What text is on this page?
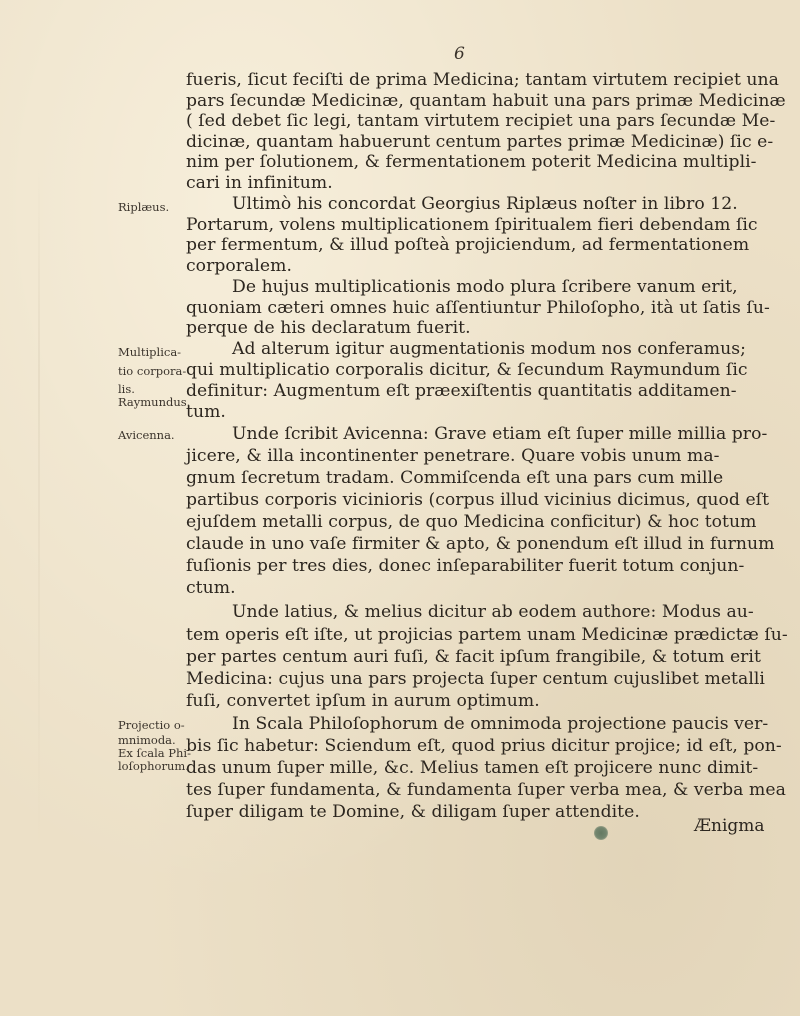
6
fueris, ſicut feciſti de prima Medicina; tantam virtutem recipiet una
pars ſecundæ Medicinæ, quantam habuit una pars primæ Medicinæ
( ſed debet ſic legi, tantam virtutem recipiet una pars ſecundæ Me-
dicinæ, quantam habuerunt centum partes primæ Medicinæ) ſic e-
nim per ſolutionem, & fermentationem poterit Medicina multipli-
cari in infinitum.
Ultimò his concordat Georgius Riplæus noſter in libro 12.
Portarum, volens multiplicationem ſpiritualem fieri debendam ſic
per fermentum, & illud poſteà projiciendum, ad fermentationem
corporalem.
De hujus multiplicationis modo plura ſcribere vanum erit,
quoniam cæteri omnes huic aſſentiuntur Philoſopho, ità ut ſatis ſu-
perque de his declaratum fuerit.
Ad alterum igitur augmentationis modum nos conferamus;
qui multiplicatio corporalis dicitur, & ſecundum Raymundum ſic
definitur: Augmentum eſt præexiſtentis quantitatis additamen-
tum.
Unde ſcribit Avicenna: Grave etiam eſt ſuper mille millia pro-
jicere, & illa incontinenter penetrare. Quare vobis unum ma-
gnum ſecretum tradam. Commiſcenda eſt una pars cum mille
partibus corporis vicinioris (corpus illud vicinius dicimus, quod eſt
ejuſdem metalli corpus, de quo Medicina conficitur) & hoc totum
claude in uno vaſe firmiter & apto, & ponendum eſt illud in furnum
fuſionis per tres dies, donec inſeparabiliter fuerit totum conjun-
ctum.
Unde latius, & melius dicitur ab eodem authore: Modus au-
tem operis eſt iſte, ut projicias partem unam Medicinæ prædictæ ſu-
per partes centum auri fuſi, & facit ipſum frangibile, & totum erit
Medicina: cujus una pars projecta ſuper centum cujuslibet metalli
fuſi, convertet ipſum in aurum optimum.
In Scala Philoſophorum de omnimoda projectione paucis ver-
bis ſic habetur: Sciendum eſt, quod prius dicitur projice; id eſt, pon-
das unum ſuper mille, &c. Melius tamen eſt projicere nunc dimit-
tes ſuper fundamenta, & fundamenta ſuper verba mea, & verba mea
ſuper diligam te Domine, & diligam ſuper attendite.
Riplæus.
Multiplica-
tio corpora-
lis.
Raymundus.
Avicenna.
Projectio o-
mnimoda.
Ex ſcala Phi-
loſophorum.
Ænigma
